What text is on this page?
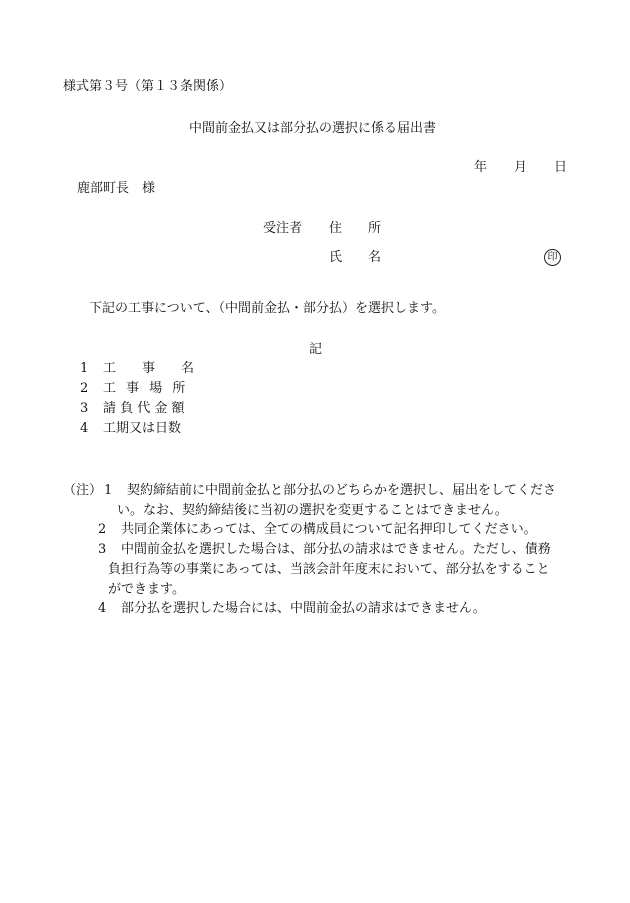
様式第３号（第１３条関係）
中間前金払又は部分払の選択に係る届出書
年 月 日
鹿部町長　様
受注者 住　　所
氏　　名	印
下記の工事について、（中間前金払・部分払）を選択します。
記
1 工　　事　　名
2 工 事 場 所
3 請 負 代 金 額
4 工期又は日数
（注） 1 契約締結前に中間前金払と部分払のどちらかを選択し、届出をしてくださ
い。なお、契約締結後に当初の選択を変更することはできません。
2 共同企業体にあっては、全ての構成員について記名押印してください。
3 中間前金払を選択した場合は、部分払の請求はできません。ただし、債務
負担行為等の事業にあっては、当該会計年度末において、部分払をすること
ができます。
4 部分払を選択した場合には、中間前金払の請求はできません。
